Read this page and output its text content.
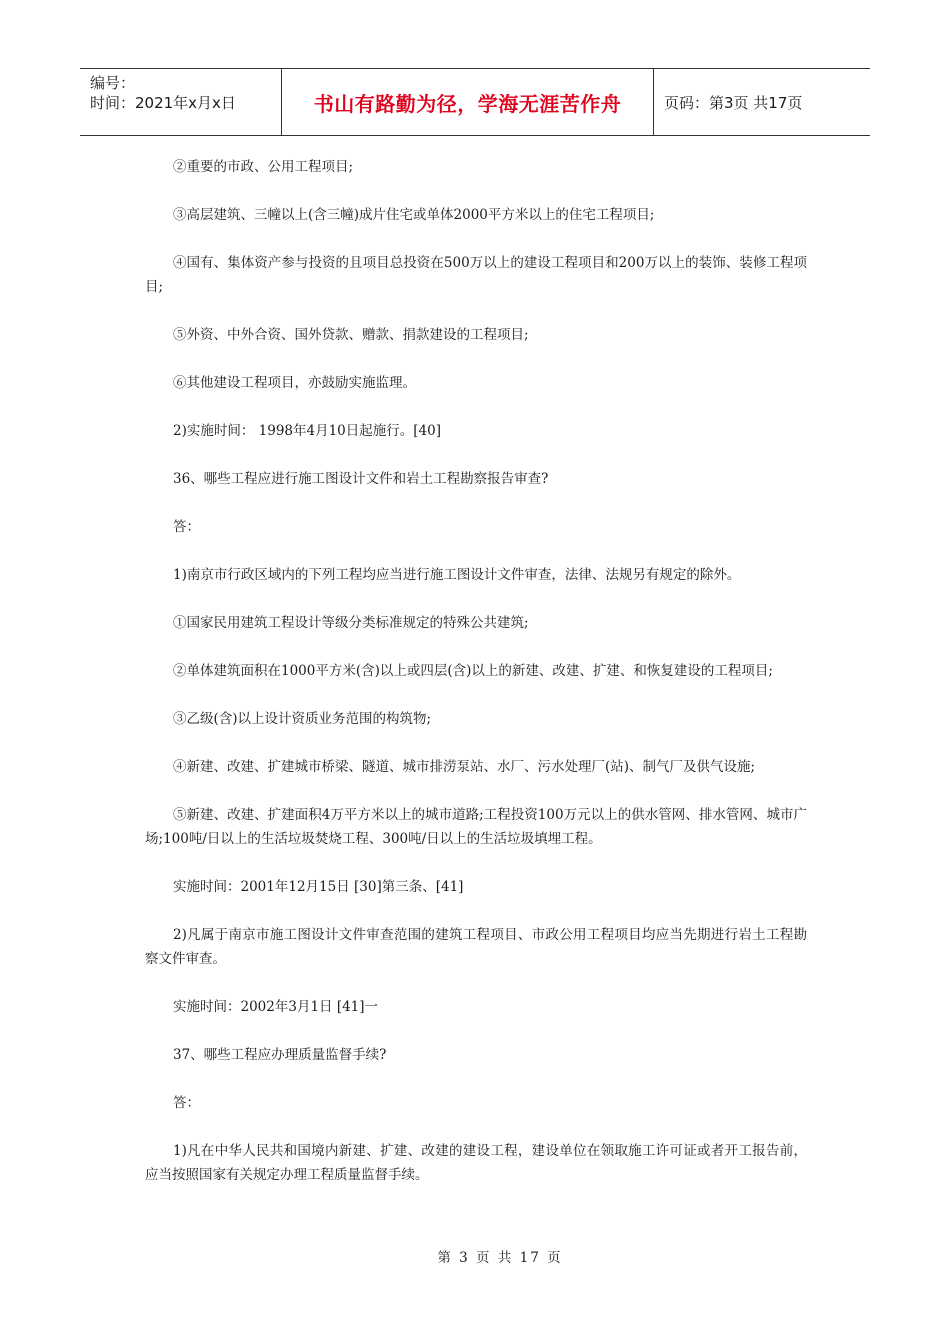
编号：
时间：2021年x月x日	书山有路勤为径，学海无涯苦作舟	页码：第3页 共17页

②重要的市政、公用工程项目;

③高层建筑、三幢以上(含三幢)成片住宅或单体2000平方米以上的住宅工程项目;

④国有、集体资产参与投资的且项目总投资在500万以上的建设工程项目和200万以上的装饰、装修工程项目;

⑤外资、中外合资、国外贷款、赠款、捐款建设的工程项目;

⑥其他建设工程项目，亦鼓励实施监理。

2)实施时间： 1998年4月10日起施行。[40]

36、哪些工程应进行施工图设计文件和岩土工程勘察报告审查?

答：

1)南京市行政区域内的下列工程均应当进行施工图设计文件审查，法律、法规另有规定的除外。

①国家民用建筑工程设计等级分类标准规定的特殊公共建筑;

②单体建筑面积在1000平方米(含)以上或四层(含)以上的新建、改建、扩建、和恢复建设的工程项目;

③乙级(含)以上设计资质业务范围的构筑物;

④新建、改建、扩建城市桥梁、隧道、城市排涝泵站、水厂、污水处理厂(站)、制气厂及供气设施;

⑤新建、改建、扩建面积4万平方米以上的城市道路;工程投资100万元以上的供水管网、排水管网、城市广场;100吨/日以上的生活垃圾焚烧工程、300吨/日以上的生活垃圾填埋工程。

实施时间：2001年12月15日 [30]第三条、[41]

2)凡属于南京市施工图设计文件审查范围的建筑工程项目、市政公用工程项目均应当先期进行岩土工程勘察文件审查。

实施时间：2002年3月1日 [41]一

37、哪些工程应办理质量监督手续?

答：

1)凡在中华人民共和国境内新建、扩建、改建的建设工程，建设单位在领取施工许可证或者开工报告前，应当按照国家有关规定办理工程质量监督手续。

第 3 页 共 17 页
